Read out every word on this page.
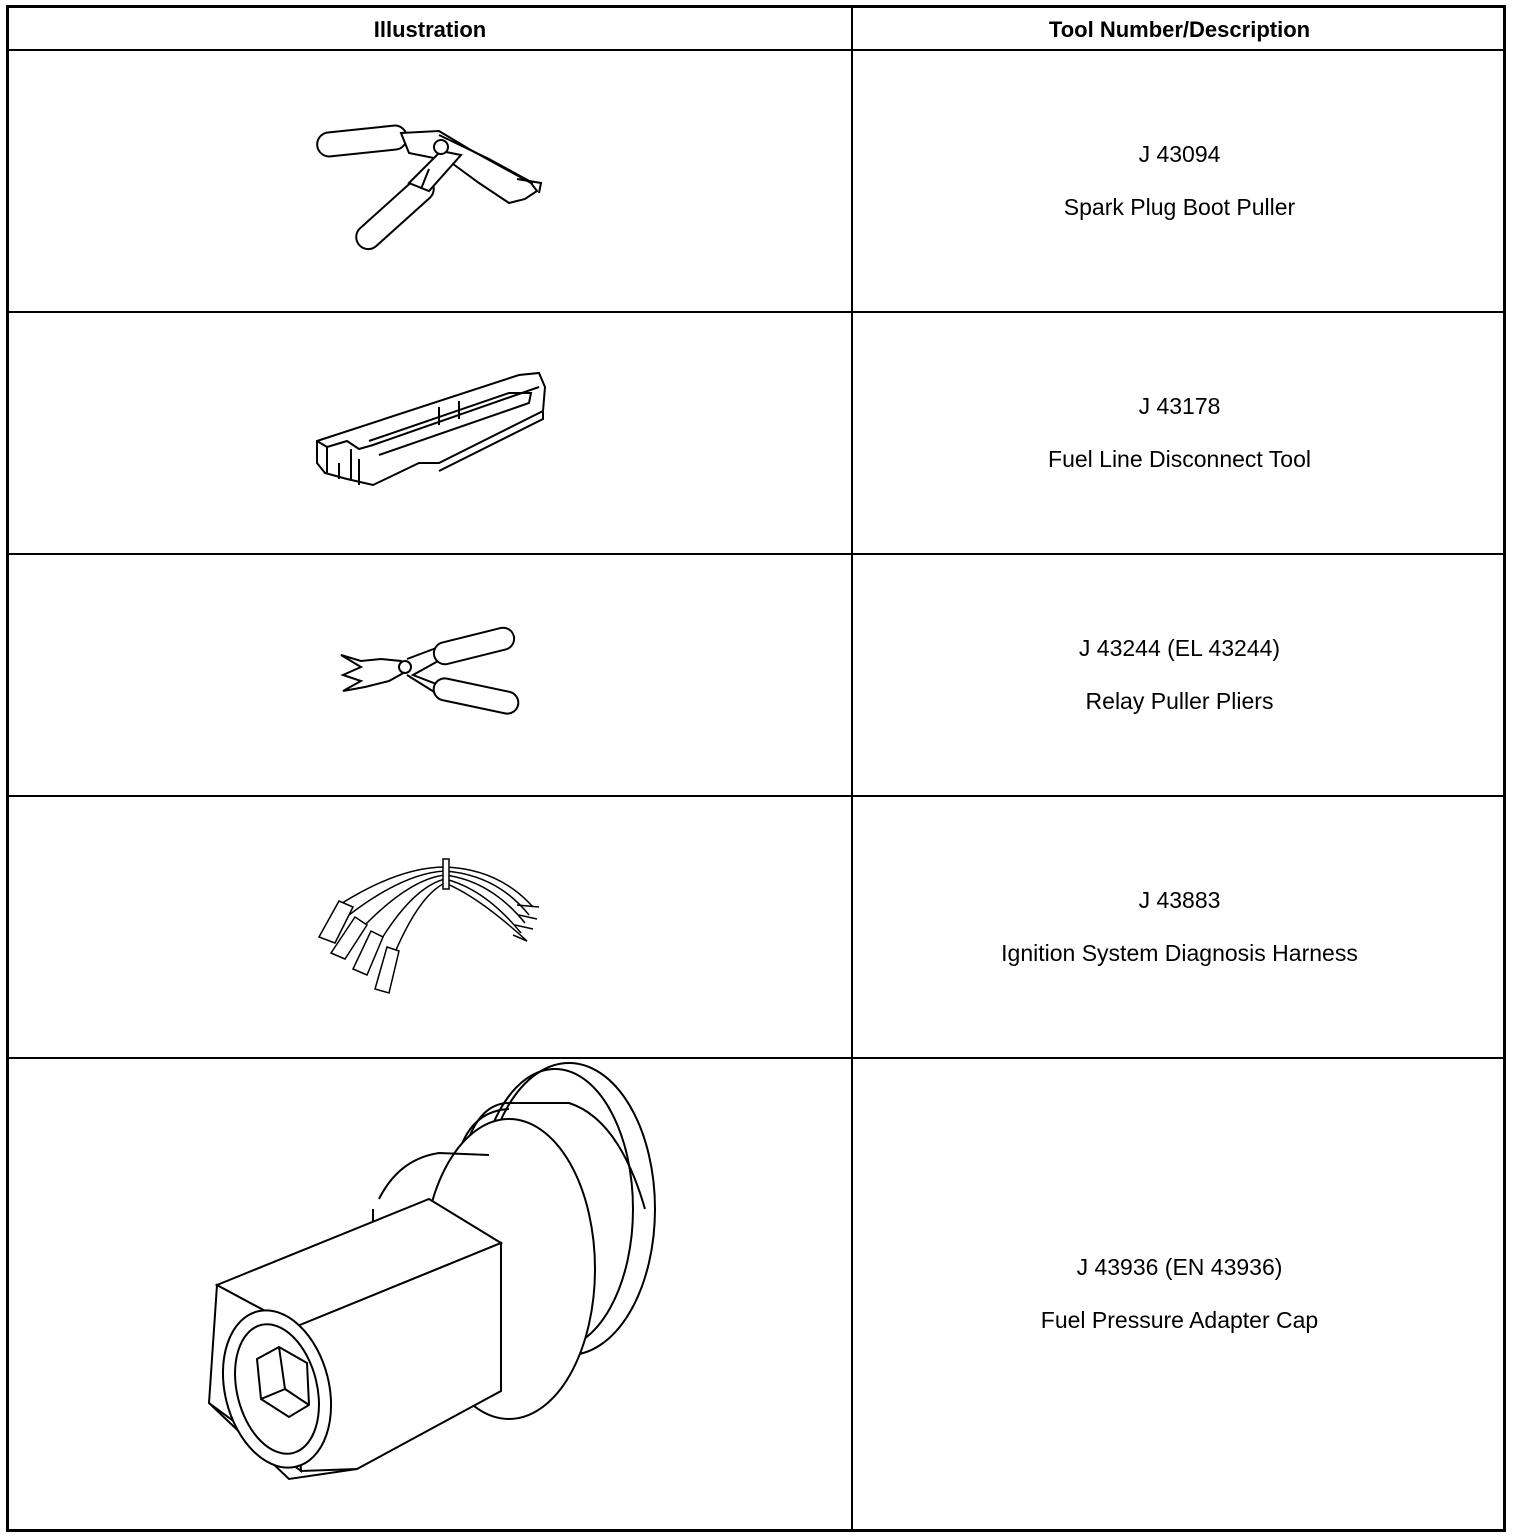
Illustration	Tool Number/Description
J 43094
Spark Plug Boot Puller
J 43178
Fuel Line Disconnect Tool
J 43244 (EL 43244)
Relay Puller Pliers
J 43883
Ignition System Diagnosis Harness
J 43936 (EN 43936)
Fuel Pressure Adapter Cap
